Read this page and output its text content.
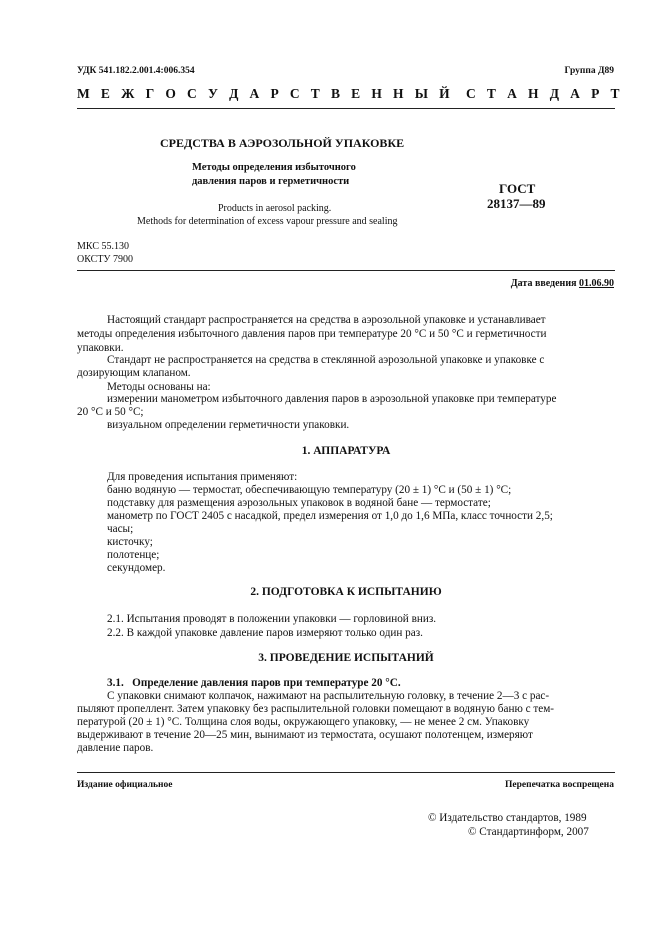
УДК 541.182.2.001.4:006.354	Группа Д89
М Е Ж Г О С У Д А Р С Т В Е Н Н Ы Й С Т А Н Д А Р Т
СРЕДСТВА В АЭРОЗОЛЬНОЙ УПАКОВКЕ
Методы определения избыточного
давления паров и герметичности
Products in aerosol packing.
Methods for determination of excess vapour pressure and sealing
ГОСТ
28137—89
МКС 55.130
ОКСТУ 7900
Дата введения 01.06.90
Настоящий стандарт распространяется на средства в аэрозольной упаковке и устанавливает
методы определения избыточного давления паров при температуре 20 °С и 50 °С и герметичности
упаковки.
Стандарт не распространяется на средства в стеклянной аэрозольной упаковке и упаковке с
дозирующим клапаном.
Методы основаны на:
измерении манометром избыточного давления паров в аэрозольной упаковке при температуре
20 °С и 50 °С;
визуальном определении герметичности упаковки.
1. АППАРАТУРА
Для проведения испытания применяют:
баню водяную — термостат, обеспечивающую температуру (20 ± 1) °С и (50 ± 1) °С;
подставку для размещения аэрозольных упаковок в водяной бане — термостате;
манометр по ГОСТ 2405 с насадкой, предел измерения от 1,0 до 1,6 МПа, класс точности 2,5;
часы;
кисточку;
полотенце;
секундомер.
2. ПОДГОТОВКА К ИСПЫТАНИЮ
2.1. Испытания проводят в положении упаковки — горловиной вниз.
2.2. В каждой упаковке давление паров измеряют только один раз.
3. ПРОВЕДЕНИЕ ИСПЫТАНИЙ
3.1. Определение давления паров при температуре 20 °С.
С упаковки снимают колпачок, нажимают на распылительную головку, в течение 2—3 с рас-
пыляют пропеллент. Затем упаковку без распылительной головки помещают в водяную баню с тем-
пературой (20 ± 1) °С. Толщина слоя воды, окружающего упаковку, — не менее 2 см. Упаковку
выдерживают в течение 20—25 мин, вынимают из термостата, осушают полотенцем, измеряют
давление паров.
Издание официальное	Перепечатка воспрещена
© Издательство стандартов, 1989
© Стандартинформ, 2007
